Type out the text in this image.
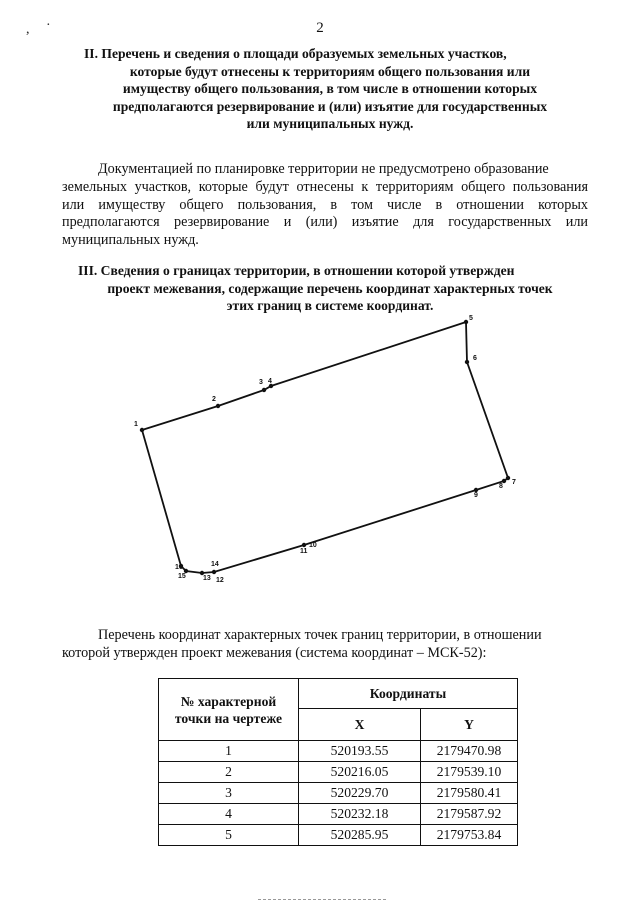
, ·	2
II. Перечень и сведения о площади образуемых земельных участков,
которые будут отнесены к территориям общего пользования или
имуществу общего пользования, в том числе в отношении которых
предполагаются резервирование и (или) изъятие для государственных
или муниципальных нужд.
Документацией по планировке территории не предусмотрено образование
земельных участков, которые будут отнесены к территориям общего пользования
или имуществу общего пользования, в том числе в отношении которых
предполагаются резервирование и (или) изъятие для государственных или
муниципальных нужд.
III. Сведения о границах территории, в отношении которой утвержден
проект межевания, содержащие перечень координат характерных точек
этих границ в системе координат.
1
2
3 4
5
6
7
8
9
10
11
12
13
14
15
16
Перечень координат характерных точек границ территории, в отношении
которой утвержден проект межевания (система координат – МСК-52):
№ характерной точки на чертеже	Координаты	
	X	Y
1	520193.55	2179470.98
2	520216.05	2179539.10
3	520229.70	2179580.41
4	520232.18	2179587.92
5	520285.95	2179753.84
